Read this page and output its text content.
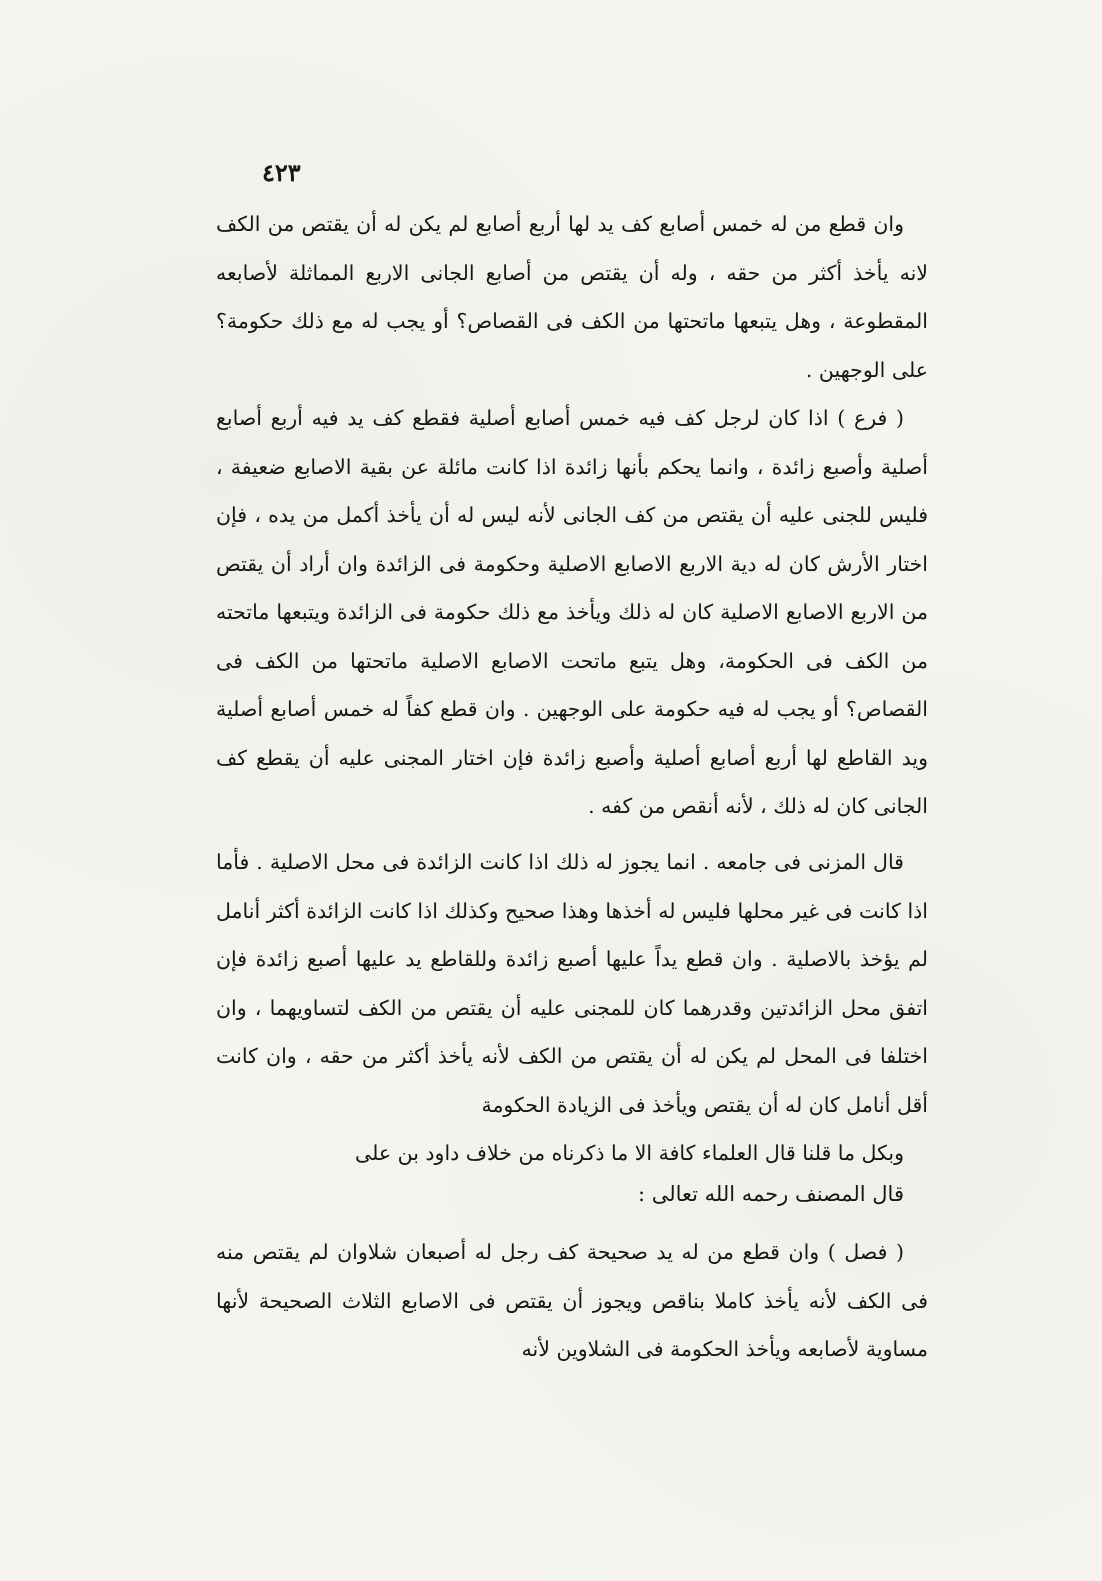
٤٢٣

وان قطع من له خمس أصابع كف يد لها أربع أصابع لم يكن له أن يقتص من الكف لانه يأخذ أكثر من حقه ، وله أن يقتص من أصابع الجانى الاربع المماثلة لأصابعه المقطوعة ، وهل يتبعها ماتحتها من الكف فى القصاص؟ أو يجب له مع ذلك حكومة؟ على الوجهين .

( فرع ) اذا كان لرجل كف فيه خمس أصابع أصلية فقطع كف يد فيه أربع أصابع أصلية وأصبع زائدة ، وانما يحكم بأنها زائدة اذا كانت مائلة عن بقية الاصابع ضعيفة ، فليس للجنى عليه أن يقتص من كف الجانى لأنه ليس له أن يأخذ أكمل من يده ، فإن اختار الأرش كان له دية الاربع الاصابع الاصلية وحكومة فى الزائدة وان أراد أن يقتص من الاربع الاصابع الاصلية كان له ذلك ويأخذ مع ذلك حكومة فى الزائدة ويتبعها ماتحته من الكف فى الحكومة، وهل يتبع ماتحت الاصابع الاصلية ماتحتها من الكف فى القصاص؟ أو يجب له فيه حكومة على الوجهين . وان قطع كفاً له خمس أصابع أصلية ويد القاطع لها أربع أصابع أصلية وأصبع زائدة فإن اختار المجنى عليه أن يقطع كف الجانى كان له ذلك ، لأنه أنقص من كفه .

قال المزنى فى جامعه . انما يجوز له ذلك اذا كانت الزائدة فى محل الاصلية . فأما اذا كانت فى غير محلها فليس له أخذها وهذا صحيح وكذلك اذا كانت الزائدة أكثر أنامل لم يؤخذ بالاصلية . وان قطع يداً عليها أصبع زائدة وللقاطع يد عليها أصبع زائدة فإن اتفق محل الزائدتين وقدرهما كان للمجنى عليه أن يقتص من الكف لتساويهما ، وان اختلفا فى المحل لم يكن له أن يقتص من الكف لأنه يأخذ أكثر من حقه ، وان كانت أقل أنامل كان له أن يقتص ويأخذ فى الزيادة الحكومة

وبكل ما قلنا قال العلماء كافة الا ما ذكرناه من خلاف داود بن على

قال المصنف رحمه الله تعالى :

( فصل ) وان قطع من له يد صحيحة كف رجل له أصبعان شلاوان لم يقتص منه فى الكف لأنه يأخذ كاملا بناقص ويجوز أن يقتص فى الاصابع الثلاث الصحيحة لأنها مساوية لأصابعه ويأخذ الحكومة فى الشلاوين لأنه
